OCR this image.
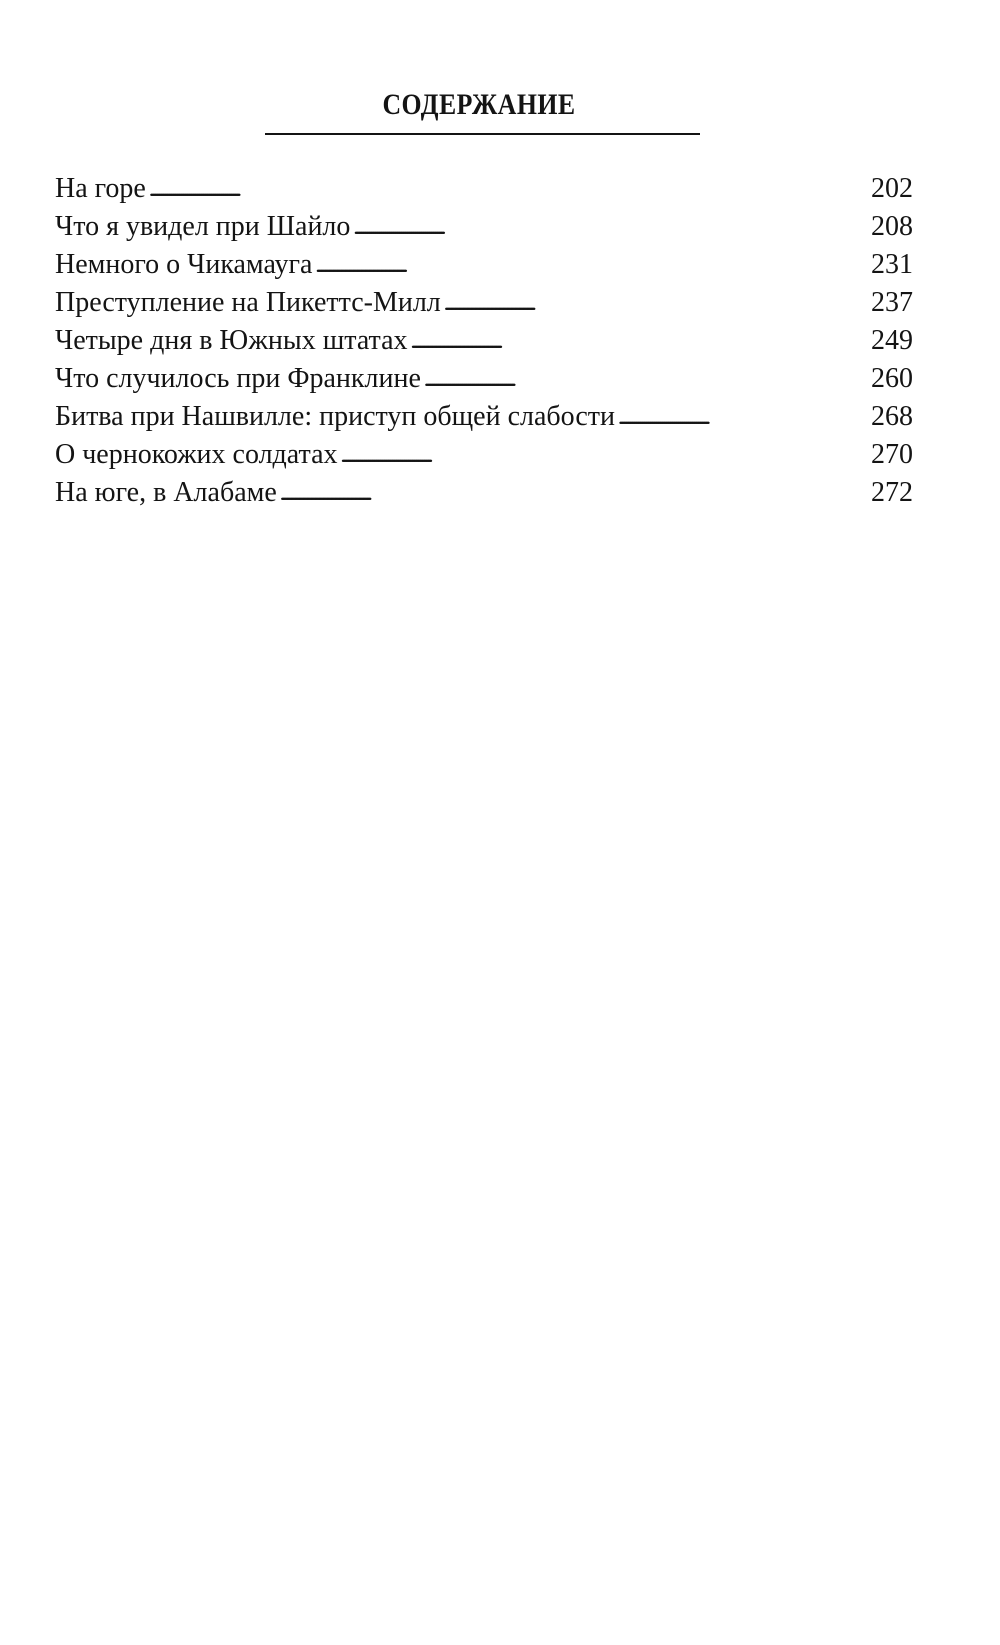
СОДЕРЖАНИЕ
На горе . . .	202
Что я увидел при Шайло . . .	208
Немного о Чикамауга . . .	231
Преступление на Пикеттс-Милл . . .	237
Четыре дня в Южных штатах . . .	249
Что случилось при Франклине . . .	260
Битва при Нашвилле: приступ общей слабости . . .	268
О чернокожих солдатах . . .	270
На юге, в Алабаме . . .	272
